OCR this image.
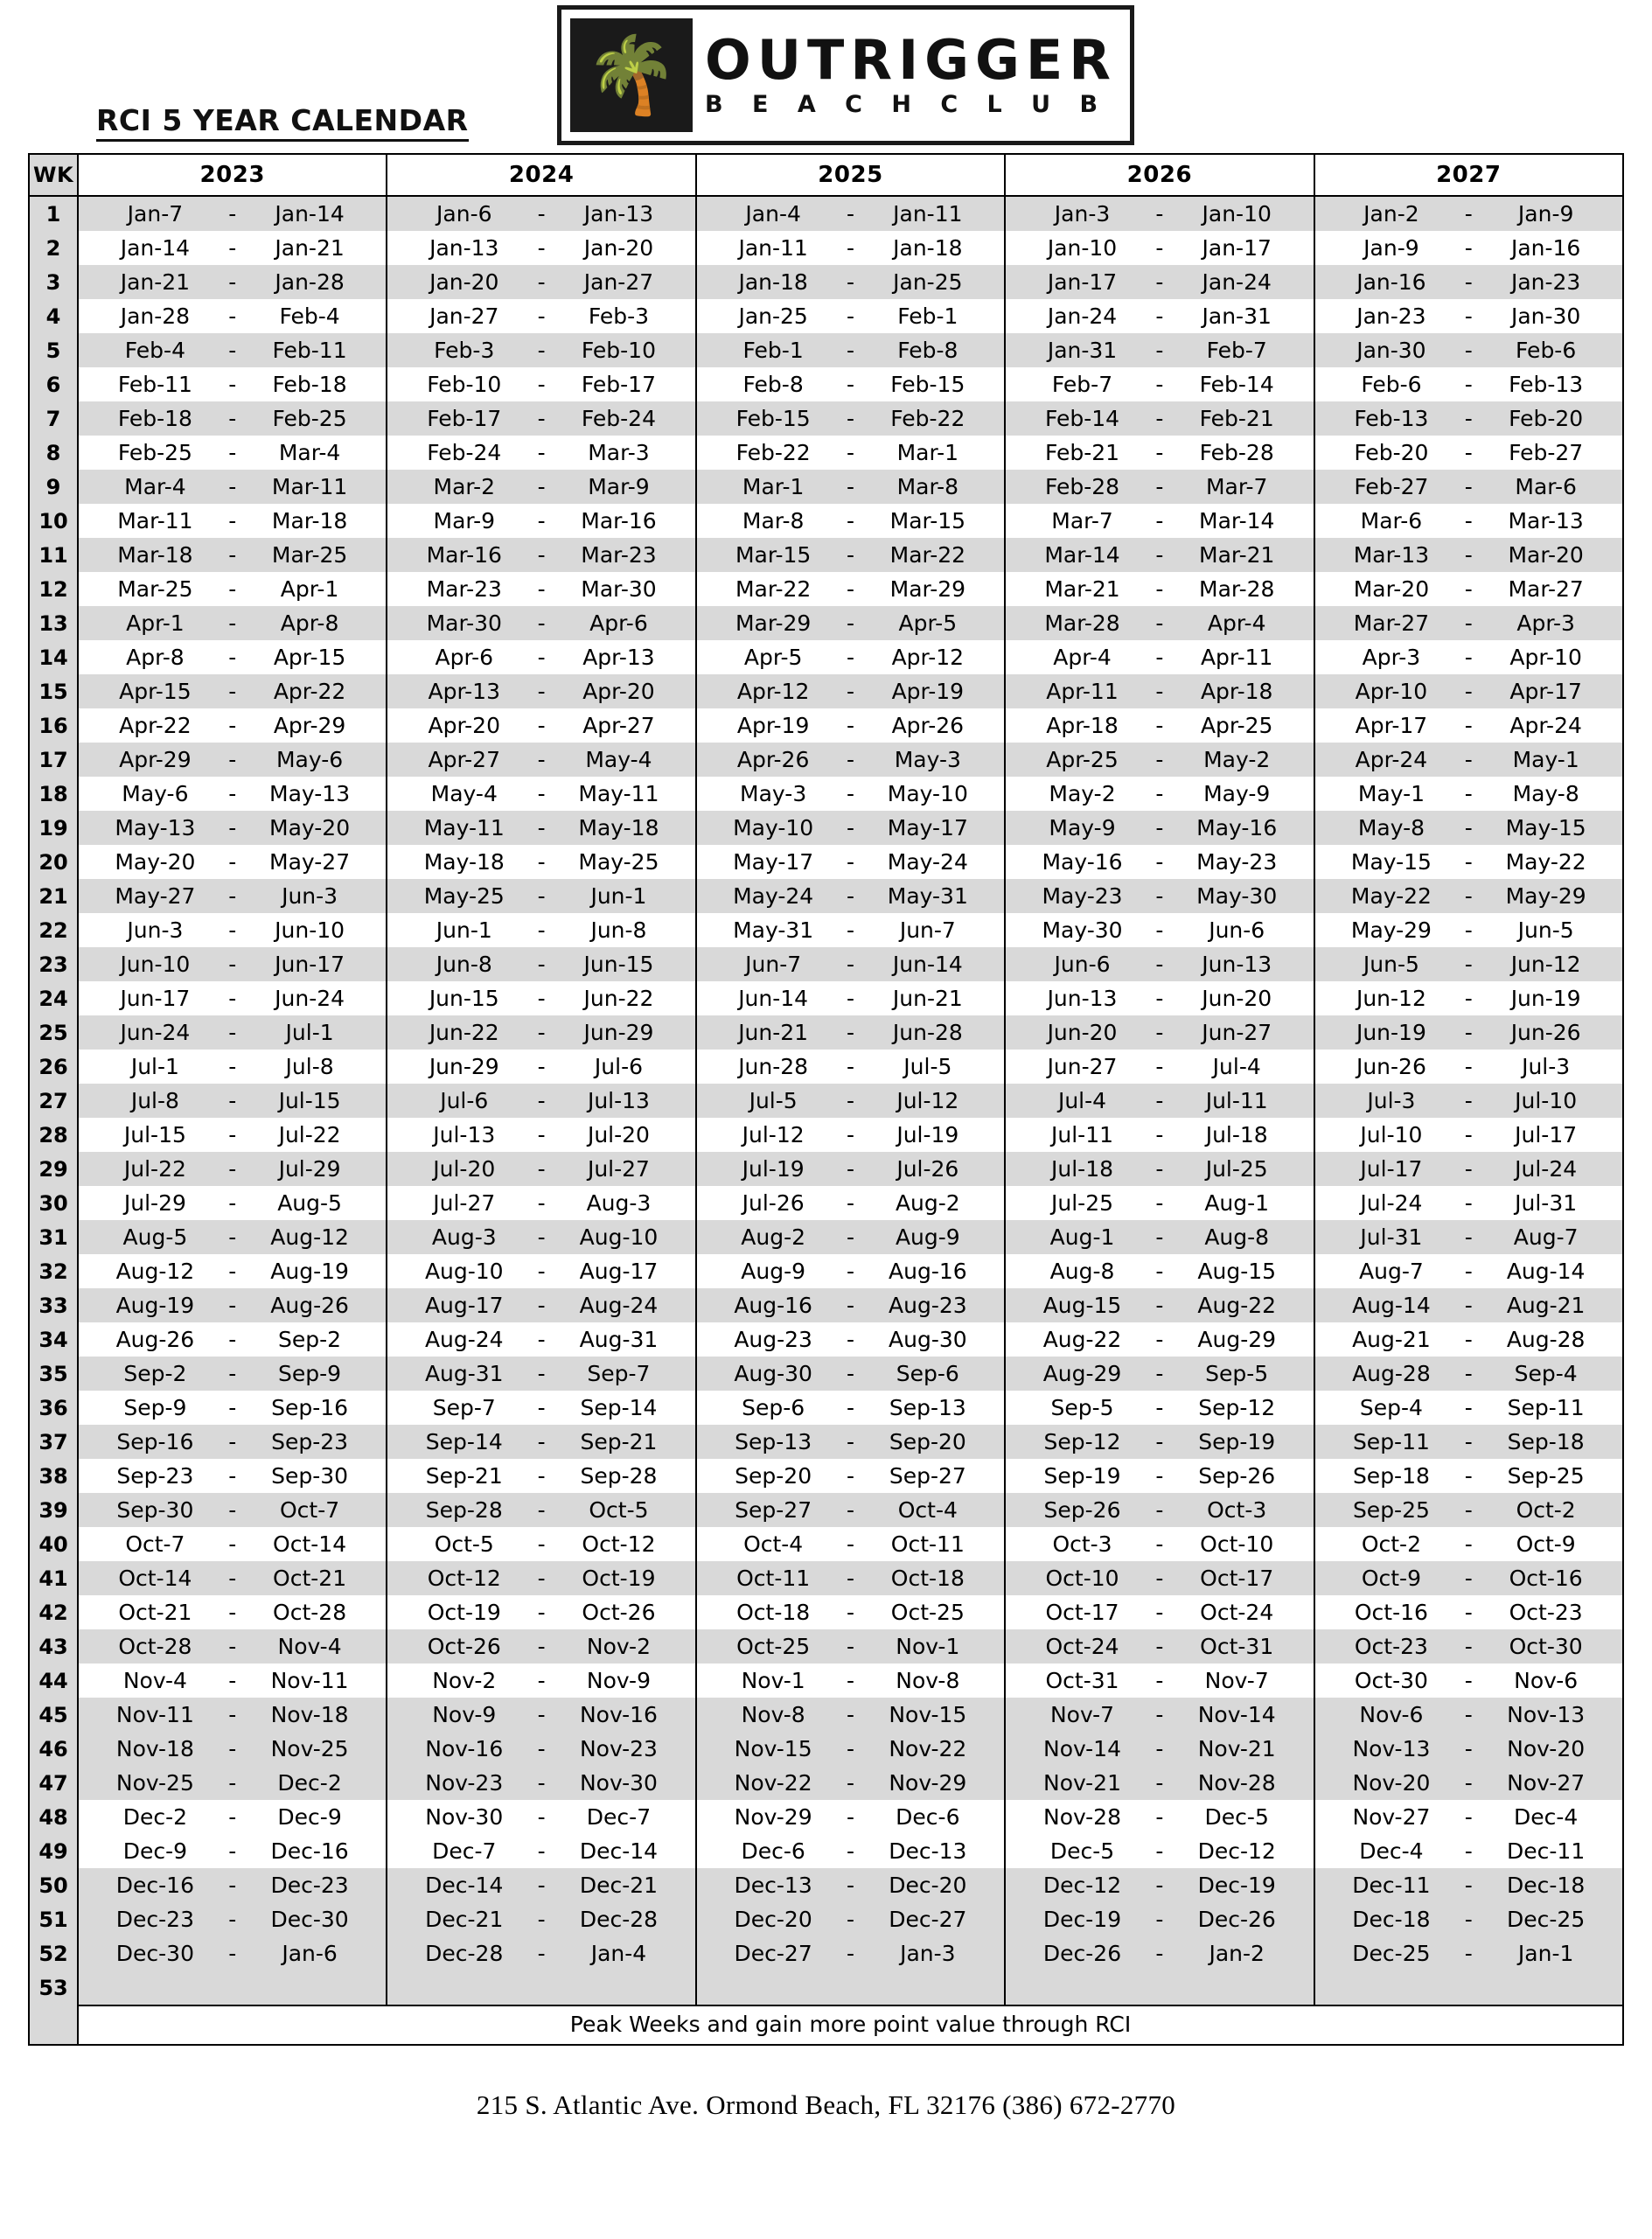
RCI 5 YEAR CALENDAR
🌴 OUTRIGGER
B E A C H C L U B
WK	2023	2024	2025	2026	2027
1	Jan-7 - Jan-14	Jan-6 - Jan-13	Jan-4 - Jan-11	Jan-3 - Jan-10	Jan-2 - Jan-9

2	Jan-14 - Jan-21	Jan-13 - Jan-20	Jan-11 - Jan-18	Jan-10 - Jan-17	Jan-9 - Jan-16

3	Jan-21 - Jan-28	Jan-20 - Jan-27	Jan-18 - Jan-25	Jan-17 - Jan-24	Jan-16 - Jan-23

4	Jan-28 - Feb-4	Jan-27 - Feb-3	Jan-25 - Feb-1	Jan-24 - Jan-31	Jan-23 - Jan-30

5	Feb-4 - Feb-11	Feb-3 - Feb-10	Feb-1 - Feb-8	Jan-31 - Feb-7	Jan-30 - Feb-6

6	Feb-11 - Feb-18	Feb-10 - Feb-17	Feb-8 - Feb-15	Feb-7 - Feb-14	Feb-6 - Feb-13

7	Feb-18 - Feb-25	Feb-17 - Feb-24	Feb-15 - Feb-22	Feb-14 - Feb-21	Feb-13 - Feb-20

8	Feb-25 - Mar-4	Feb-24 - Mar-3	Feb-22 - Mar-1	Feb-21 - Feb-28	Feb-20 - Feb-27

9	Mar-4 - Mar-11	Mar-2 - Mar-9	Mar-1 - Mar-8	Feb-28 - Mar-7	Feb-27 - Mar-6

10	Mar-11 - Mar-18	Mar-9 - Mar-16	Mar-8 - Mar-15	Mar-7 - Mar-14	Mar-6 - Mar-13

11	Mar-18 - Mar-25	Mar-16 - Mar-23	Mar-15 - Mar-22	Mar-14 - Mar-21	Mar-13 - Mar-20

12	Mar-25 - Apr-1	Mar-23 - Mar-30	Mar-22 - Mar-29	Mar-21 - Mar-28	Mar-20 - Mar-27

13	Apr-1 - Apr-8	Mar-30 - Apr-6	Mar-29 - Apr-5	Mar-28 - Apr-4	Mar-27 - Apr-3

14	Apr-8 - Apr-15	Apr-6 - Apr-13	Apr-5 - Apr-12	Apr-4 - Apr-11	Apr-3 - Apr-10

15	Apr-15 - Apr-22	Apr-13 - Apr-20	Apr-12 - Apr-19	Apr-11 - Apr-18	Apr-10 - Apr-17

16	Apr-22 - Apr-29	Apr-20 - Apr-27	Apr-19 - Apr-26	Apr-18 - Apr-25	Apr-17 - Apr-24

17	Apr-29 - May-6	Apr-27 - May-4	Apr-26 - May-3	Apr-25 - May-2	Apr-24 - May-1

18	May-6 - May-13	May-4 - May-11	May-3 - May-10	May-2 - May-9	May-1 - May-8

19	May-13 - May-20	May-11 - May-18	May-10 - May-17	May-9 - May-16	May-8 - May-15

20	May-20 - May-27	May-18 - May-25	May-17 - May-24	May-16 - May-23	May-15 - May-22

21	May-27 - Jun-3	May-25 - Jun-1	May-24 - May-31	May-23 - May-30	May-22 - May-29

22	Jun-3 - Jun-10	Jun-1 - Jun-8	May-31 - Jun-7	May-30 - Jun-6	May-29 - Jun-5

23	Jun-10 - Jun-17	Jun-8 - Jun-15	Jun-7 - Jun-14	Jun-6 - Jun-13	Jun-5 - Jun-12

24	Jun-17 - Jun-24	Jun-15 - Jun-22	Jun-14 - Jun-21	Jun-13 - Jun-20	Jun-12 - Jun-19

25	Jun-24 - Jul-1	Jun-22 - Jun-29	Jun-21 - Jun-28	Jun-20 - Jun-27	Jun-19 - Jun-26

26	Jul-1 - Jul-8	Jun-29 - Jul-6	Jun-28 - Jul-5	Jun-27 - Jul-4	Jun-26 - Jul-3

27	Jul-8 - Jul-15	Jul-6 - Jul-13	Jul-5 - Jul-12	Jul-4 - Jul-11	Jul-3 - Jul-10

28	Jul-15 - Jul-22	Jul-13 - Jul-20	Jul-12 - Jul-19	Jul-11 - Jul-18	Jul-10 - Jul-17

29	Jul-22 - Jul-29	Jul-20 - Jul-27	Jul-19 - Jul-26	Jul-18 - Jul-25	Jul-17 - Jul-24

30	Jul-29 - Aug-5	Jul-27 - Aug-3	Jul-26 - Aug-2	Jul-25 - Aug-1	Jul-24 - Jul-31

31	Aug-5 - Aug-12	Aug-3 - Aug-10	Aug-2 - Aug-9	Aug-1 - Aug-8	Jul-31 - Aug-7

32	Aug-12 - Aug-19	Aug-10 - Aug-17	Aug-9 - Aug-16	Aug-8 - Aug-15	Aug-7 - Aug-14

33	Aug-19 - Aug-26	Aug-17 - Aug-24	Aug-16 - Aug-23	Aug-15 - Aug-22	Aug-14 - Aug-21

34	Aug-26 - Sep-2	Aug-24 - Aug-31	Aug-23 - Aug-30	Aug-22 - Aug-29	Aug-21 - Aug-28

35	Sep-2 - Sep-9	Aug-31 - Sep-7	Aug-30 - Sep-6	Aug-29 - Sep-5	Aug-28 - Sep-4

36	Sep-9 - Sep-16	Sep-7 - Sep-14	Sep-6 - Sep-13	Sep-5 - Sep-12	Sep-4 - Sep-11

37	Sep-16 - Sep-23	Sep-14 - Sep-21	Sep-13 - Sep-20	Sep-12 - Sep-19	Sep-11 - Sep-18

38	Sep-23 - Sep-30	Sep-21 - Sep-28	Sep-20 - Sep-27	Sep-19 - Sep-26	Sep-18 - Sep-25

39	Sep-30 - Oct-7	Sep-28 - Oct-5	Sep-27 - Oct-4	Sep-26 - Oct-3	Sep-25 - Oct-2

40	Oct-7 - Oct-14	Oct-5 - Oct-12	Oct-4 - Oct-11	Oct-3 - Oct-10	Oct-2 - Oct-9

41	Oct-14 - Oct-21	Oct-12 - Oct-19	Oct-11 - Oct-18	Oct-10 - Oct-17	Oct-9 - Oct-16

42	Oct-21 - Oct-28	Oct-19 - Oct-26	Oct-18 - Oct-25	Oct-17 - Oct-24	Oct-16 - Oct-23

43	Oct-28 - Nov-4	Oct-26 - Nov-2	Oct-25 - Nov-1	Oct-24 - Oct-31	Oct-23 - Oct-30

44	Nov-4 - Nov-11	Nov-2 - Nov-9	Nov-1 - Nov-8	Oct-31 - Nov-7	Oct-30 - Nov-6

45	Nov-11 - Nov-18	Nov-9 - Nov-16	Nov-8 - Nov-15	Nov-7 - Nov-14	Nov-6 - Nov-13

46	Nov-18 - Nov-25	Nov-16 - Nov-23	Nov-15 - Nov-22	Nov-14 - Nov-21	Nov-13 - Nov-20

47	Nov-25 - Dec-2	Nov-23 - Nov-30	Nov-22 - Nov-29	Nov-21 - Nov-28	Nov-20 - Nov-27

48	Dec-2 - Dec-9	Nov-30 - Dec-7	Nov-29 - Dec-6	Nov-28 - Dec-5	Nov-27 - Dec-4

49	Dec-9 - Dec-16	Dec-7 - Dec-14	Dec-6 - Dec-13	Dec-5 - Dec-12	Dec-4 - Dec-11

50	Dec-16 - Dec-23	Dec-14 - Dec-21	Dec-13 - Dec-20	Dec-12 - Dec-19	Dec-11 - Dec-18

51	Dec-23 - Dec-30	Dec-21 - Dec-28	Dec-20 - Dec-27	Dec-19 - Dec-26	Dec-18 - Dec-25

52	Dec-30 - Jan-6	Dec-28 - Jan-4	Dec-27 - Jan-3	Dec-26 - Jan-2	Dec-25 - Jan-1

53					
	Peak Weeks and gain more point value through RCI				
215 S. Atlantic Ave. Ormond Beach, FL 32176 (386) 672-2770
